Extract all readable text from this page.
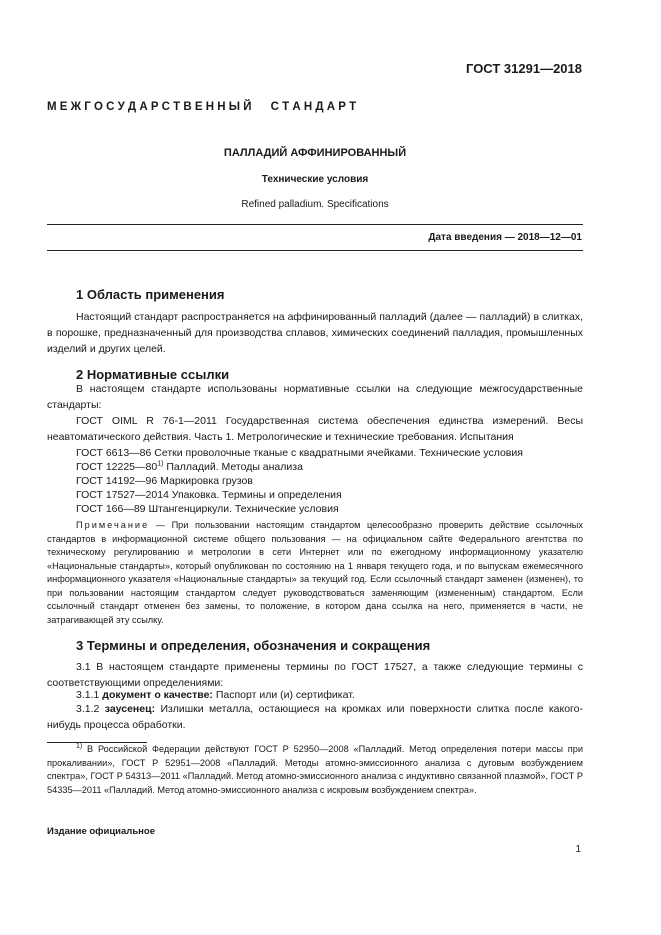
ГОСТ 31291—2018
М Е Ж Г О С У Д А Р С Т В Е Н Н Ы Й      С Т А Н Д А Р Т
ПАЛЛАДИЙ АФФИНИРОВАННЫЙ
Технические условия
Refined palladium. Specifications
Дата введения — 2018—12—01
1 Область применения
Настоящий стандарт распространяется на аффинированный палладий (далее — палладий) в слитках, в порошке, предназначенный для производства сплавов, химических соединений палладия, промышленных изделий и других целей.
2 Нормативные ссылки
В настоящем стандарте использованы нормативные ссылки на следующие межгосударственные стандарты:
ГОСТ OIML R 76-1—2011 Государственная система обеспечения единства измерений. Весы неавтоматического действия. Часть 1. Метрологические и технические требования. Испытания
ГОСТ 6613—86 Сетки проволочные тканые с квадратными ячейками. Технические условия
ГОСТ 12225—80$^{1)}$ Палладий. Методы анализа
ГОСТ 14192—96 Маркировка грузов
ГОСТ 17527—2014 Упаковка. Термины и определения
ГОСТ 166—89 Штангенциркули. Технические условия
Примечание — При пользовании настоящим стандартом целесообразно проверить действие ссылочных стандартов в информационной системе общего пользования — на официальном сайте Федерального агентства по техническому регулированию и метрологии в сети Интернет или по ежегодному информационному указателю «Национальные стандарты», который опубликован по состоянию на 1 января текущего года, и по выпускам ежемесячного информационного указателя «Национальные стандарты» за текущий год. Если ссылочный стандарт заменен (изменен), то при пользовании настоящим стандартом следует руководствоваться заменяющим (измененным) стандартом. Если ссылочный стандарт отменен без замены, то положение, в котором дана ссылка на него, применяется в части, не затрагивающей эту ссылку.
3 Термины и определения, обозначения и сокращения
3.1 В настоящем стандарте применены термины по ГОСТ 17527, а также следующие термины с соответствующими определениями:
3.1.1 документ о качестве: Паспорт или (и) сертификат.
3.1.2 заусенец: Излишки металла, остающиеся на кромках или поверхности слитка после какого-нибудь процесса обработки.
$^{1)}$ В Российской Федерации действуют ГОСТ Р 52950—2008 «Палладий. Метод определения потери массы при прокаливании», ГОСТ Р 52951—2008 «Палладий. Методы атомно-эмиссионного анализа с дуговым возбуждением спектра», ГОСТ Р 54313—2011 «Палладий. Метод атомно-эмиссионного анализа с индуктивно связанной плазмой», ГОСТ Р 54335—2011 «Палладий. Метод атомно-эмиссионного анализа с искровым возбуждением спектра».
Издание официальное
1
